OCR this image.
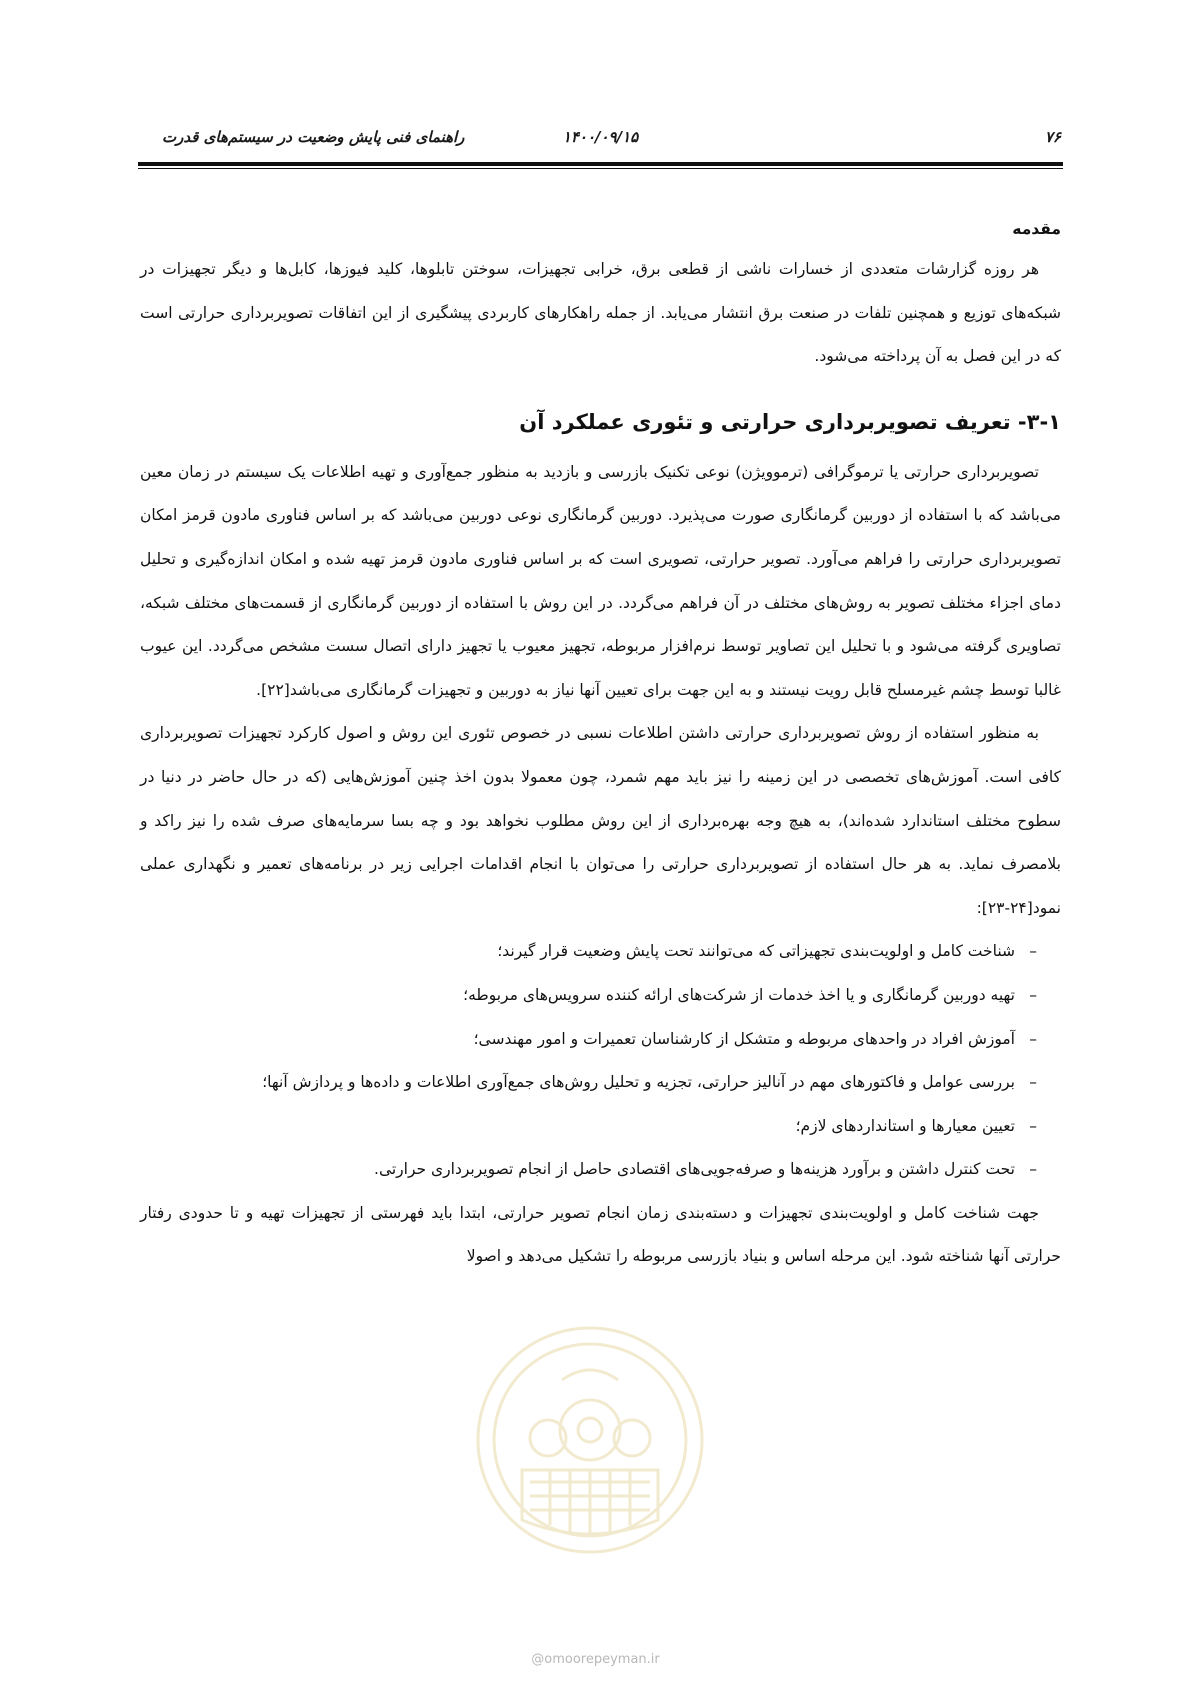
۷۶
۱۴۰۰/۰۹/۱۵
راهنمای فنی پایش وضعیت در سیستم‌های قدرت

مقدمه

هر روزه گزارشات متعددی از خسارات ناشی از قطعی برق، خرابی تجهیزات، سوختن تابلوها، کلید فیوزها، کابل‌ها و دیگر تجهیزات در شبکه‌های توزیع و همچنین تلفات در صنعت برق انتشار می‌یابد. از جمله راهکارهای کاربردی پیشگیری از این اتفاقات تصویربرداری حرارتی است که در این فصل به آن پرداخته می‌شود.

۳-۱- تعریف تصویربرداری حرارتی و تئوری عملکرد آن

تصویربرداری حرارتی یا ترموگرافی (ترموویژن) نوعی تکنیک بازرسی و بازدید به منظور جمع‌آوری و تهیه اطلاعات یک سیستم در زمان معین می‌باشد که با استفاده از دوربین گرمانگاری صورت می‌پذیرد. دوربین گرمانگاری نوعی دوربین می‌باشد که بر اساس فناوری مادون قرمز امکان تصویربرداری حرارتی را فراهم می‌آورد. تصویر حرارتی، تصویری است که بر اساس فناوری مادون قرمز تهیه شده و امکان اندازه‌گیری و تحلیل دمای اجزاء مختلف تصویر به روش‌های مختلف در آن فراهم می‌گردد. در این روش با استفاده از دوربین گرمانگاری از قسمت‌های مختلف شبکه، تصاویری گرفته می‌شود و با تحلیل این تصاویر توسط نرم‌افزار مربوطه، تجهیز معیوب یا تجهیز دارای اتصال سست مشخص می‌گردد. این عیوب غالبا توسط چشم غیرمسلح قابل رویت نیستند و به این جهت برای تعیین آنها نیاز به دوربین و تجهیزات گرمانگاری می‌باشد[۲۲].

به منظور استفاده از روش تصویربرداری حرارتی داشتن اطلاعات نسبی در خصوص تئوری این روش و اصول کارکرد تجهیزات تصویربرداری کافی است. آموزش‌های تخصصی در این زمینه را نیز باید مهم شمرد، چون معمولا بدون اخذ چنین آموزش‌هایی (که در حال حاضر در دنیا در سطوح مختلف استاندارد شده‌اند)، به هیچ وجه بهره‌برداری از این روش مطلوب نخواهد بود و چه بسا سرمایه‌های صرف شده را نیز راکد و بلامصرف نماید. به هر حال استفاده از تصویربرداری حرارتی را می‌توان با انجام اقدامات اجرایی زیر در برنامه‌های تعمیر و نگهداری عملی نمود[۲۴-۲۳]:

–
شناخت کامل و اولویت‌بندی تجهیزاتی که می‌توانند تحت پایش وضعیت قرار گیرند؛
–
تهیه دوربین گرمانگاری و یا اخذ خدمات از شرکت‌های ارائه کننده سرویس‌های مربوطه؛
–
آموزش افراد در واحدهای مربوطه و متشکل از کارشناسان تعمیرات و امور مهندسی؛
–
بررسی عوامل و فاکتورهای مهم در آنالیز حرارتی، تجزیه و تحلیل روش‌های جمع‌آوری اطلاعات و داده‌ها و پردازش آنها؛
–
تعیین معیارها و استانداردهای لازم؛
–
تحت کنترل داشتن و برآورد هزینه‌ها و صرفه‌جویی‌های اقتصادی حاصل از انجام تصویربرداری حرارتی.

جهت شناخت کامل و اولویت‌بندی تجهیزات و دسته‌بندی زمان انجام تصویر حرارتی، ابتدا باید فهرستی از تجهیزات تهیه و تا حدودی رفتار حرارتی آنها شناخته شود. این مرحله اساس و بنیاد بازرسی مربوطه را تشکیل می‌دهد و اصولا

@omoorepeyman.ir
